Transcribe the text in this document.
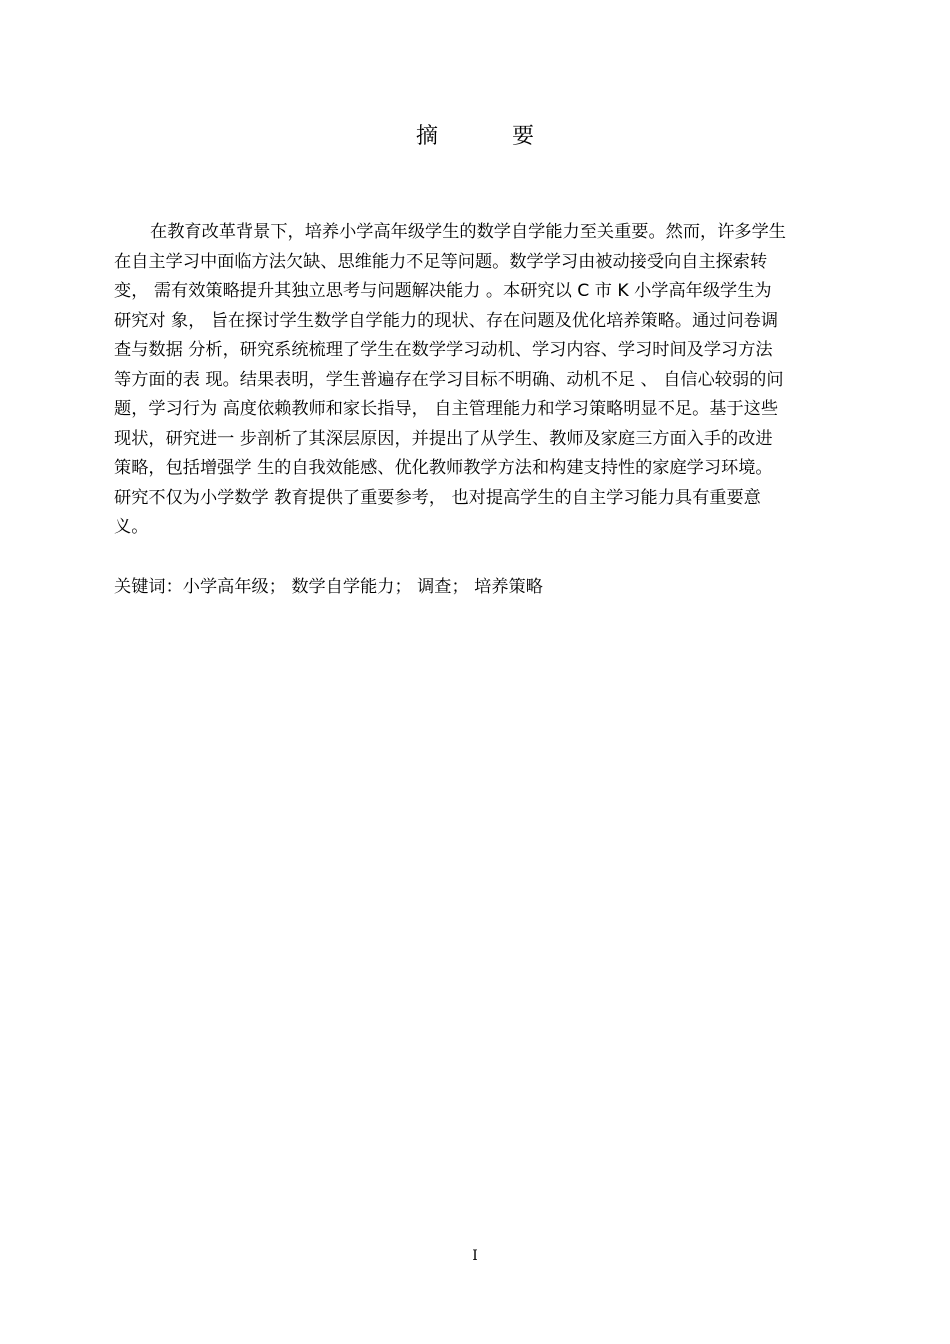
摘　要
在教育改革背景下，培养小学高年级学生的数学自学能力至关重要。然而，许多学生
在自主学习中面临方法欠缺、思维能力不足等问题。数学学习由被动接受向自主探索转
变， 需有效策略提升其独立思考与问题解决能力 。本研究以 C 市 K 小学高年级学生为
研究对 象， 旨在探讨学生数学自学能力的现状、存在问题及优化培养策略。通过问卷调
查与数据 分析，研究系统梳理了学生在数学学习动机、学习内容、学习时间及学习方法
等方面的表 现。结果表明，学生普遍存在学习目标不明确、动机不足 、 自信心较弱的问
题，学习行为 高度依赖教师和家长指导， 自主管理能力和学习策略明显不足。基于这些
现状，研究进一 步剖析了其深层原因，并提出了从学生、教师及家庭三方面入手的改进
策略，包括增强学 生的自我效能感、优化教师教学方法和构建支持性的家庭学习环境。
研究不仅为小学数学 教育提供了重要参考， 也对提高学生的自主学习能力具有重要意
义。
关键词：小学高年级； 数学自学能力； 调查； 培养策略
I
